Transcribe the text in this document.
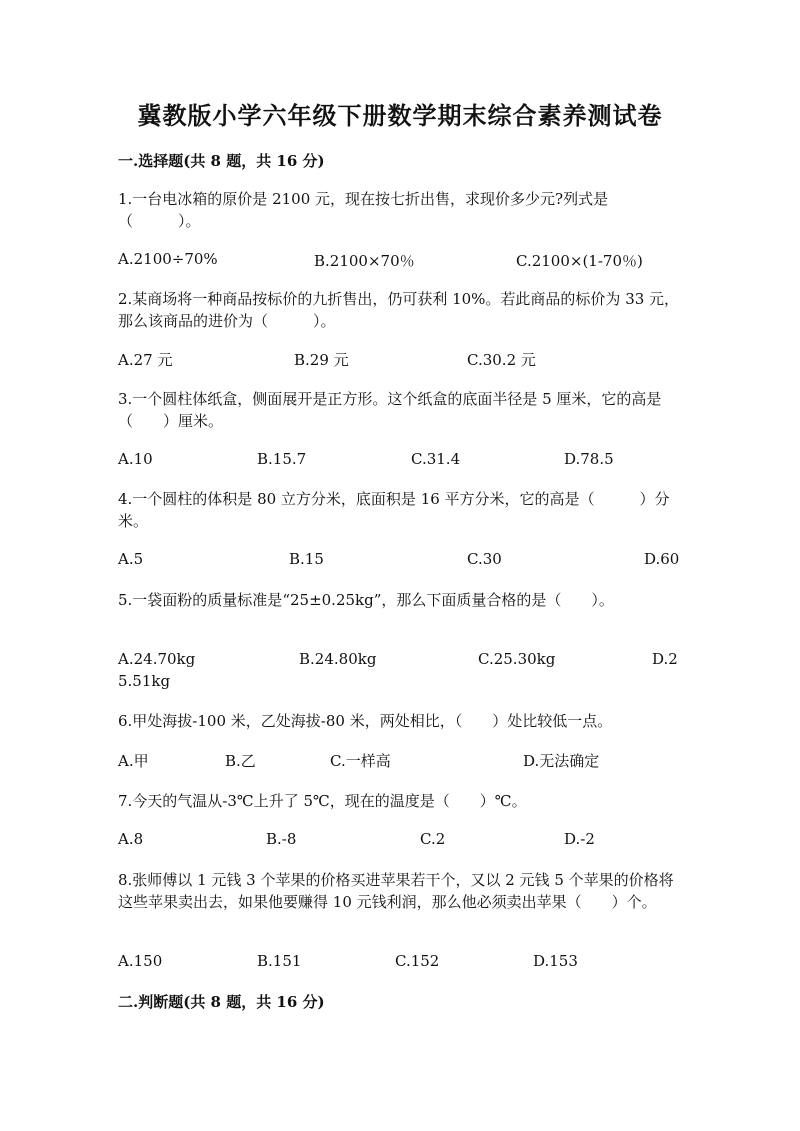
冀教版小学六年级下册数学期末综合素养测试卷
一.选择题(共 8 题，共 16 分)
1.一台电冰箱的原价是 2100 元，现在按七折出售，求现价多少元?列式是（　　　）。
A.2100÷70%	B.2100×70％	C.2100×(1-70％)
2.某商场将一种商品按标价的九折售出，仍可获利 10%。若此商品的标价为 33 元，那么该商品的进价为（　　　）。
A.27 元	B.29 元	C.30.2 元
3.一个圆柱体纸盒，侧面展开是正方形。这个纸盒的底面半径是 5 厘米，它的高是（　　）厘米。
A.10	B.15.7	C.31.4	D.78.5
4.一个圆柱的体积是 80 立方分米，底面积是 16 平方分米，它的高是（　　　）分米。
A.5	B.15	C.30	D.60
5.一袋面粉的质量标准是“25±0.25kg”，那么下面质量合格的是（　　）。
A.24.70kg	B.24.80kg	C.25.30kg	D.2
5.51kg
6.甲处海拔-100 米，乙处海拔-80 米，两处相比，（　　）处比较低一点。
A.甲	B.乙	C.一样高	D.无法确定
7.今天的气温从-3℃上升了 5℃，现在的温度是（　　）℃。
A.8	B.-8	C.2	D.-2
8.张师傅以 1 元钱 3 个苹果的价格买进苹果若干个，又以 2 元钱 5 个苹果的价格将这些苹果卖出去，如果他要赚得 10 元钱利润，那么他必须卖出苹果（　　）个。
A.150	B.151	C.152	D.153
二.判断题(共 8 题，共 16 分)
